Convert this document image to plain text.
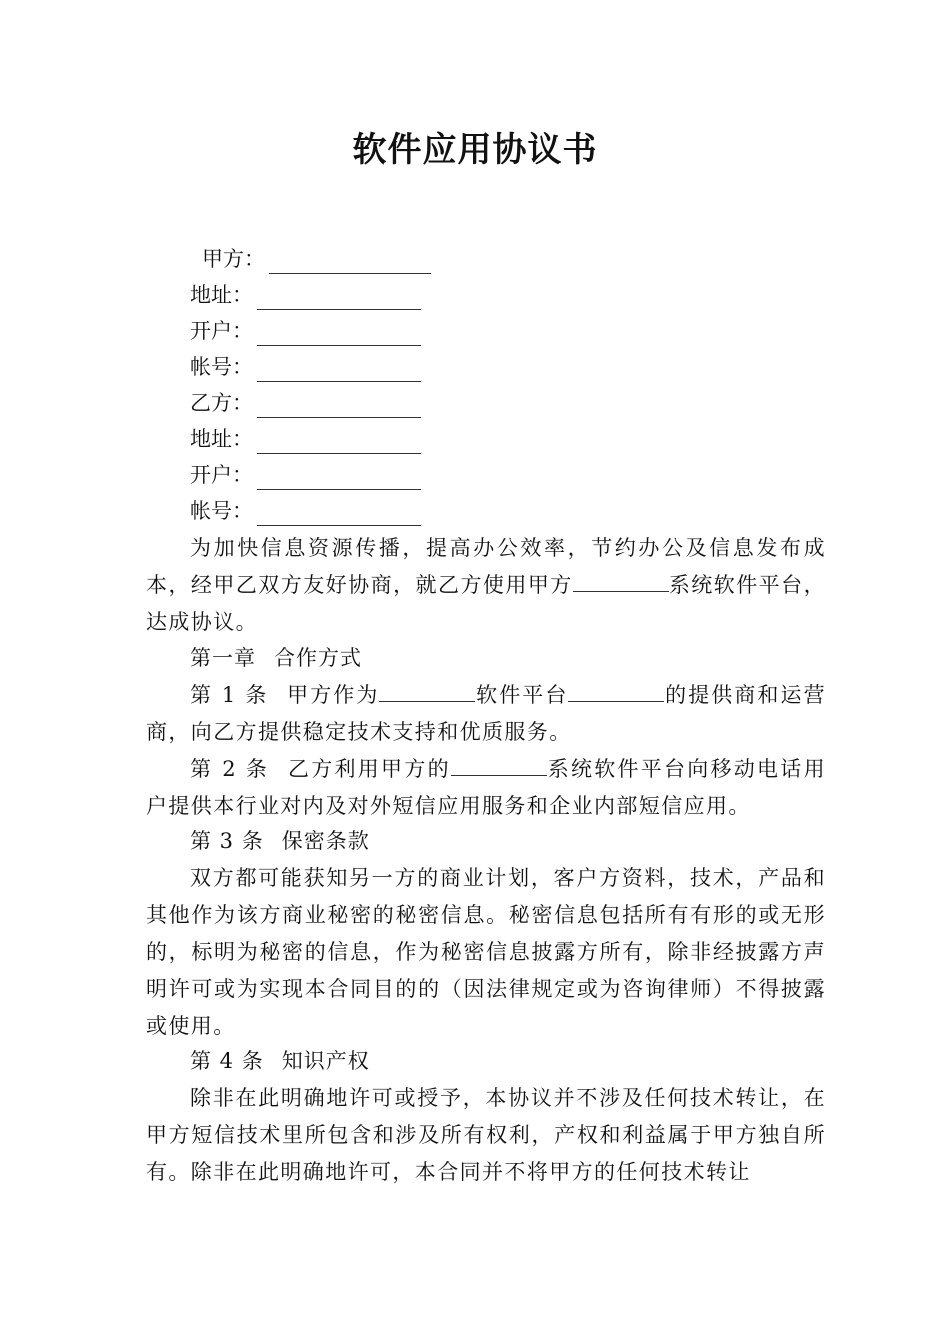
软件应用协议书
甲方：
地址：
开户：
帐号：
乙方：
地址：
开户：
帐号：
为加快信息资源传播，提高办公效率，节约办公及信息发布成本，经甲乙双方友好协商，就乙方使用甲方	系统软件平台，达成协议。
第一章 合作方式
第 1 条 甲方作为	软件平台	的提供商和运营商，向乙方提供稳定技术支持和优质服务。
第 2 条 乙方利用甲方的	系统软件平台向移动电话用户提供本行业对内及对外短信应用服务和企业内部短信应用。
第 3 条 保密条款
双方都可能获知另一方的商业计划，客户方资料，技术，产品和其他作为该方商业秘密的秘密信息。秘密信息包括所有有形的或无形的，标明为秘密的信息，作为秘密信息披露方所有，除非经披露方声明许可或为实现本合同目的的（因法律规定或为咨询律师）不得披露或使用。
第 4 条 知识产权
除非在此明确地许可或授予，本协议并不涉及任何技术转让，在甲方短信技术里所包含和涉及所有权利，产权和利益属于甲方独自所有。除非在此明确地许可，本合同并不将甲方的任何技术转让
